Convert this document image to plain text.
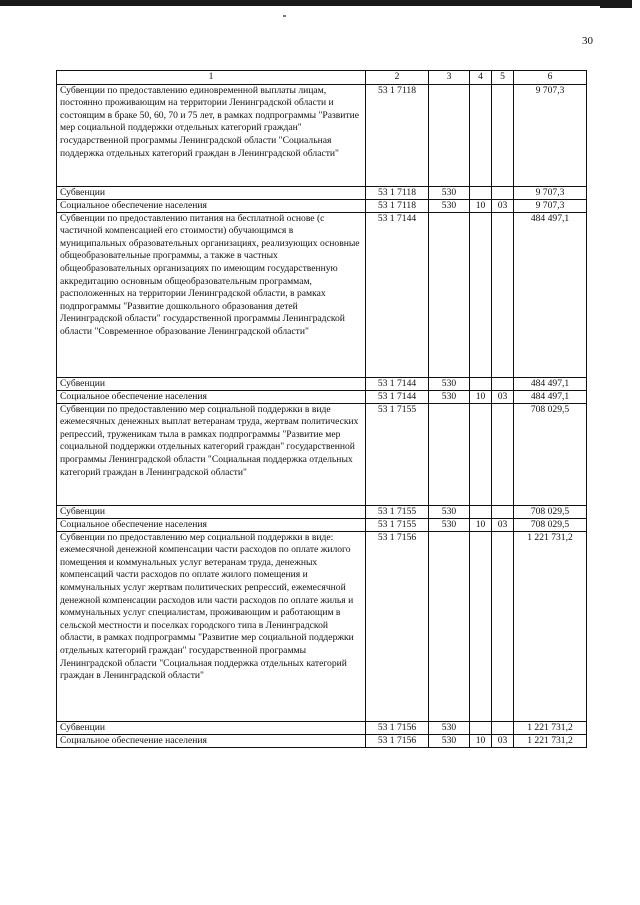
30
1	2	3	4	5	6
Субвенции по предоставлению единовременной выплаты лицам, постоянно проживающим на территории Ленинградской области и состоящим в браке 50, 60, 70 и 75 лет, в рамках подпрограммы "Развитие мер социальной поддержки отдельных категорий граждан" государственной программы Ленинградской области "Социальная поддержка отдельных категорий граждан в Ленинградской области"	53 1 7118				9 707,3
Субвенции	53 1 7118	530			9 707,3
Социальное обеспечение населения	53 1 7118	530	10	03	9 707,3
Субвенции по предоставлению питания на бесплатной основе (с частичной компенсацией его стоимости) обучающимся в муниципальных образовательных организациях, реализующих основные общеобразовательные программы, а также в частных общеобразовательных организациях по имеющим государственную аккредитацию основным общеобразовательным программам, расположенных на территории Ленинградской области, в рамках подпрограммы "Развитие дошкольного образования детей Ленинградской области" государственной программы Ленинградской области "Современное образование Ленинградской области"	53 1 7144				484 497,1
Субвенции	53 1 7144	530			484 497,1
Социальное обеспечение населения	53 1 7144	530	10	03	484 497,1
Субвенции по предоставлению мер социальной поддержки в виде ежемесячных денежных выплат ветеранам труда, жертвам политических репрессий, труженикам тыла в рамках подпрограммы "Развитие мер социальной поддержки отдельных категорий граждан" государственной программы Ленинградской области "Социальная поддержка отдельных категорий граждан в Ленинградской области"	53 1 7155				708 029,5
Субвенции	53 1 7155	530			708 029,5
Социальное обеспечение населения	53 1 7155	530	10	03	708 029,5
Субвенции по предоставлению мер социальной поддержки в виде: ежемесячной денежной компенсации части расходов по оплате жилого помещения и коммунальных услуг ветеранам труда, денежных компенсаций части расходов по оплате жилого помещения и коммунальных услуг жертвам политических репрессий, ежемесячной денежной компенсации расходов или части расходов по оплате жилья и коммунальных услуг специалистам, проживающим и работающим в сельской местности и поселках городского типа в Ленинградской области, в рамках подпрограммы "Развитие мер социальной поддержки отдельных категорий граждан" государственной программы Ленинградской области "Социальная поддержка отдельных категорий граждан в Ленинградской области"	53 1 7156				1 221 731,2
Субвенции	53 1 7156	530			1 221 731,2
Социальное обеспечение населения	53 1 7156	530	10	03	1 221 731,2
